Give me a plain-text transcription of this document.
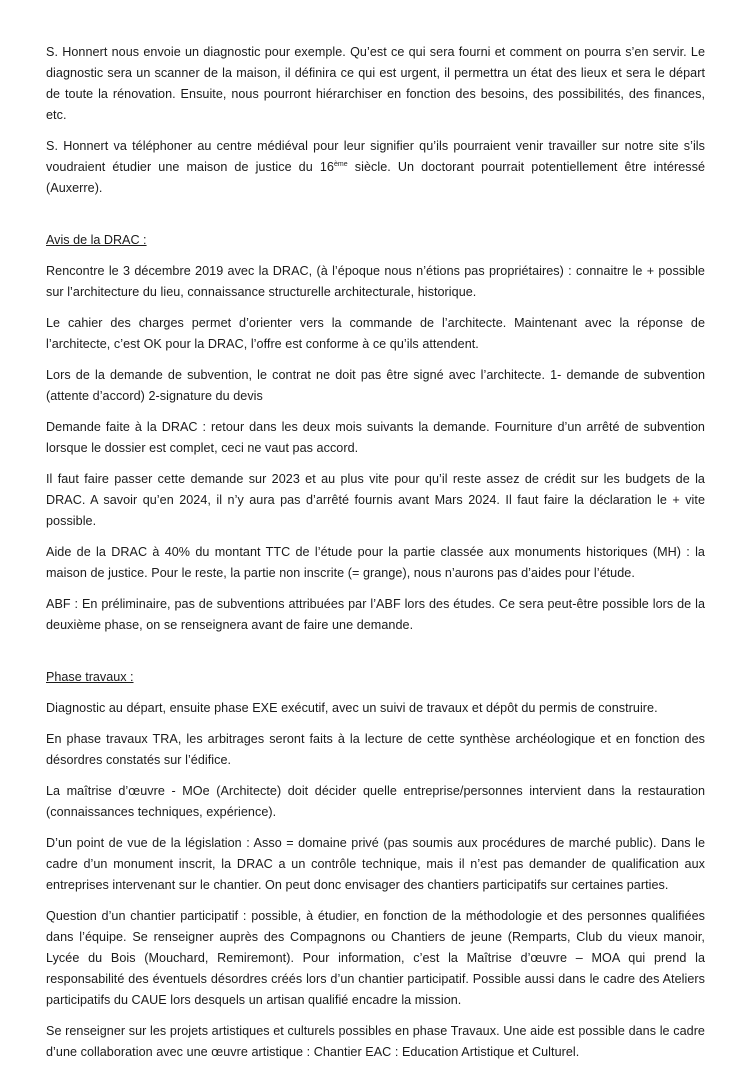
S. Honnert nous envoie un diagnostic pour exemple. Qu’est ce qui sera fourni et comment on pourra s’en servir. Le diagnostic sera un scanner de la maison, il définira ce qui est urgent, il permettra un état des lieux et sera le départ de toute la rénovation. Ensuite, nous pourront hiérarchiser en fonction des besoins, des possibilités, des finances, etc.

S. Honnert va téléphoner au centre médiéval pour leur signifier qu’ils pourraient venir travailler sur notre site s’ils voudraient étudier une maison de justice du 16ème siècle. Un doctorant pourrait potentiellement être intéressé (Auxerre).

Avis de la DRAC :

Rencontre le 3 décembre 2019 avec la DRAC, (à l’époque nous n’étions pas propriétaires) : connaitre le + possible sur l’architecture du lieu, connaissance structurelle architecturale, historique.

Le cahier des charges permet d’orienter vers la commande de l’architecte. Maintenant avec la réponse de l’architecte, c’est OK pour la DRAC, l’offre est conforme à ce qu’ils attendent.

Lors de la demande de subvention, le contrat ne doit pas être signé avec l’architecte. 1- demande de subvention (attente d’accord) 2-signature du devis

Demande faite à la DRAC : retour dans les deux mois suivants la demande. Fourniture d’un arrêté de subvention lorsque le dossier est complet, ceci ne vaut pas accord.

Il faut faire passer cette demande sur 2023 et au plus vite pour qu’il reste assez de crédit sur les budgets de la DRAC. A savoir qu’en 2024, il n’y aura pas d’arrêté fournis avant Mars 2024. Il faut faire la déclaration le + vite possible.

Aide de la DRAC à 40% du montant TTC de l’étude pour la partie classée aux monuments historiques (MH) : la maison de justice. Pour le reste, la partie non inscrite (= grange), nous n’aurons pas d’aides pour l’étude.

ABF : En préliminaire, pas de subventions attribuées par l’ABF lors des études. Ce sera peut-être possible lors de la deuxième phase, on se renseignera avant de faire une demande.

Phase travaux :

Diagnostic au départ, ensuite phase EXE exécutif, avec un suivi de travaux et dépôt du permis de construire.

En phase travaux TRA, les arbitrages seront faits à la lecture de cette synthèse archéologique et en fonction des désordres constatés sur l’édifice.

La maîtrise d’œuvre - MOe (Architecte) doit décider quelle entreprise/personnes intervient dans la restauration (connaissances techniques, expérience).

D’un point de vue de la législation : Asso = domaine privé (pas soumis aux procédures de marché public). Dans le cadre d’un monument inscrit, la DRAC a un contrôle technique, mais il n’est pas demander de qualification aux entreprises intervenant sur le chantier. On peut donc envisager des chantiers participatifs sur certaines parties.

Question d’un chantier participatif : possible, à étudier, en fonction de la méthodologie et des personnes qualifiées dans l’équipe. Se renseigner auprès des Compagnons ou Chantiers de jeune (Remparts, Club du vieux manoir, Lycée du Bois (Mouchard, Remiremont). Pour information, c’est la Maîtrise d’œuvre – MOA qui prend la responsabilité des éventuels désordres créés lors d’un chantier participatif. Possible aussi dans le cadre des Ateliers participatifs du CAUE lors desquels un artisan qualifié encadre la mission.

Se renseigner sur les projets artistiques et culturels possibles en phase Travaux. Une aide est possible dans le cadre d’une collaboration avec une œuvre artistique : Chantier EAC : Education Artistique et Culturel.
